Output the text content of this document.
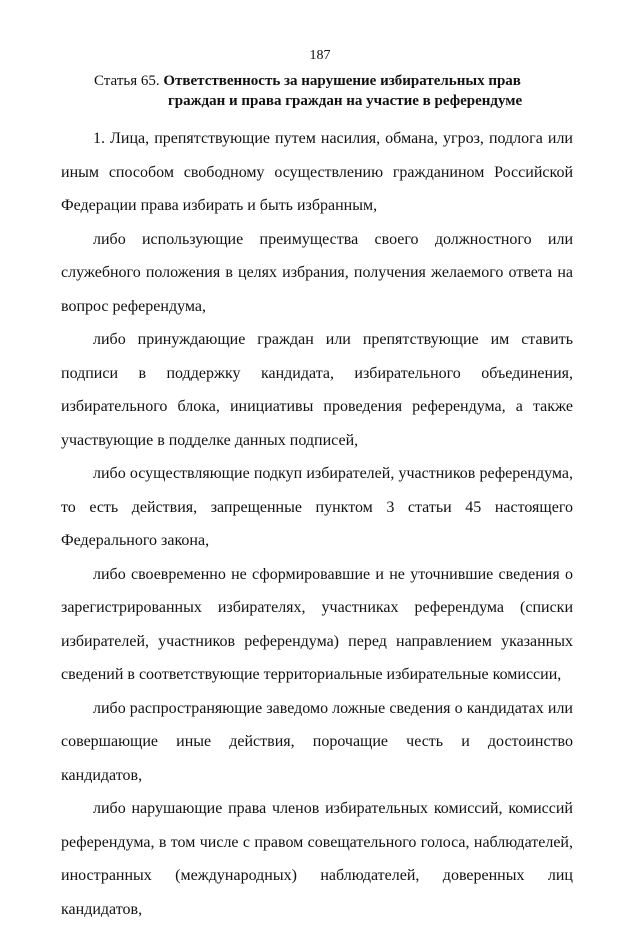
187
Статья 65. Ответственность за нарушение избирательных прав
граждан и права граждан на участие в референдуме

1. Лица, препятствующие путем насилия, обмана, угроз, подлога или иным способом свободному осуществлению гражданином Российской Федерации права избирать и быть избранным,

либо использующие преимущества своего должностного или служебного положения в целях избрания, получения желаемого ответа на вопрос референдума,

либо принуждающие граждан или препятствующие им ставить подписи в поддержку кандидата, избирательного объединения, избирательного блока, инициативы проведения референдума, а также участвующие в подделке данных подписей,

либо осуществляющие подкуп избирателей, участников референдума, то есть действия, запрещенные пунктом 3 статьи 45 настоящего Федерального закона,

либо своевременно не сформировавшие и не уточнившие сведения о зарегистрированных избирателях, участниках референдума (списки избирателей, участников референдума) перед направлением указанных сведений в соответствующие территориальные избирательные комиссии,

либо распространяющие заведомо ложные сведения о кандидатах или совершающие иные действия, порочащие честь и достоинство кандидатов,

либо нарушающие права членов избирательных комиссий, комиссий референдума, в том числе с правом совещательного голоса, наблюдателей, иностранных (международных) наблюдателей, доверенных лиц кандидатов,
